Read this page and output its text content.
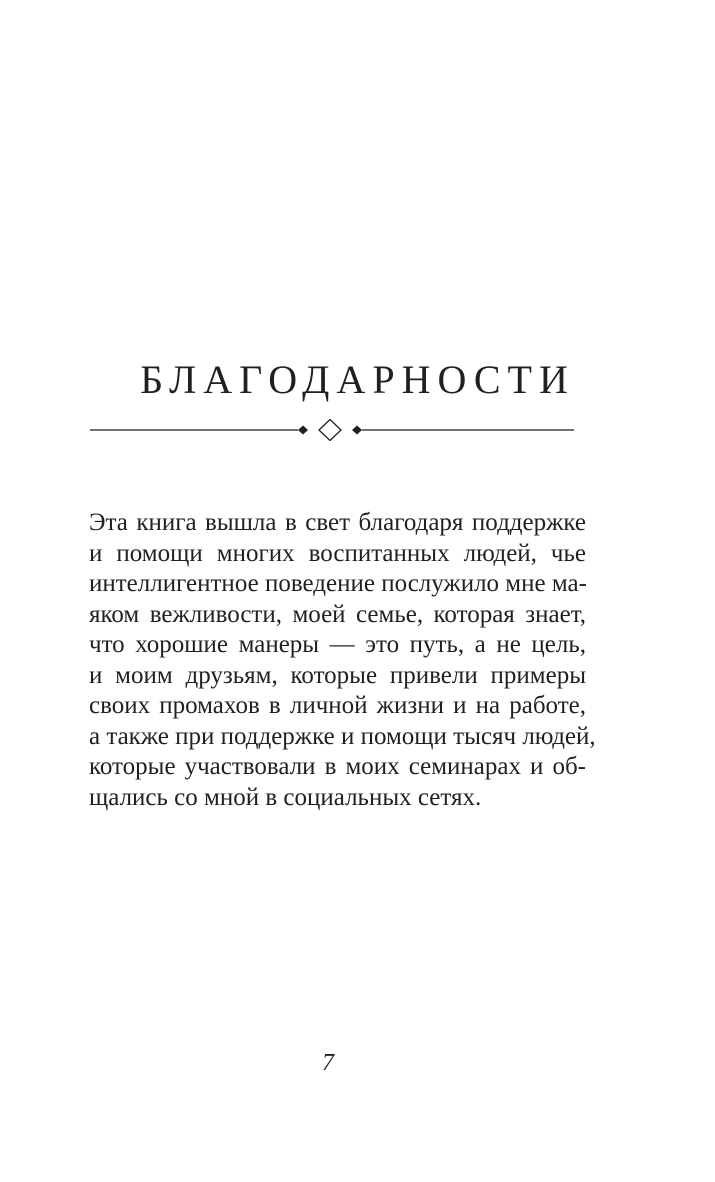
БЛАГОДАРНОСТИ
Эта книга вышла в свет благодаря поддержке
и помощи многих воспитанных людей, чье
интеллигентное поведение послужило мне ма-
яком вежливости, моей семье, которая знает,
что хорошие манеры — это путь, а не цель,
и моим друзьям, которые привели примеры
своих промахов в личной жизни и на работе,
а также при поддержке и помощи тысяч людей,
которые участвовали в моих семинарах и об-
щались со мной в социальных сетях.
7
